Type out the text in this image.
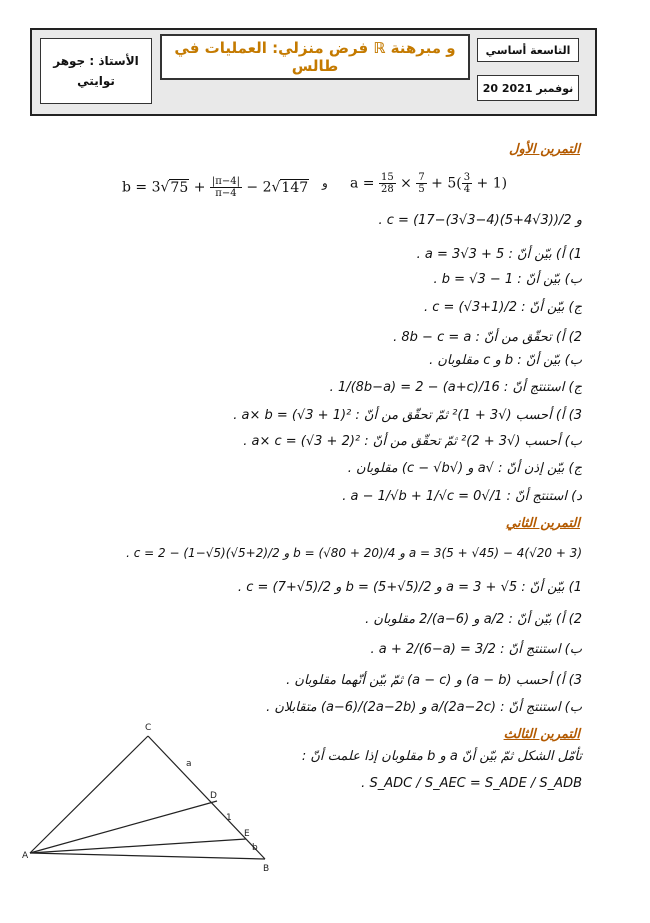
الأستاذ : جوهر
توايتي
فرض منزلي: العمليات في ℝ و مبرهنة طالس
التاسعة أساسي
20 نوفمبر 2021
التمرين الأول
$a = \frac{15}{28} \times \frac{7}{5} + 5( \frac{3}{4} + 1)$
$b = 3√75 + \frac{|\pi-4|}{\pi-4} - 2√147$ و
و c = (17−(3√3−4)(5+4√3))/2 .
1) أ) بيّن أنّ : a = 3√3 + 5 .
ب) بيّن أنّ : b = √3 − 1 .
ج) بيّن أنّ : c = (√3+1)/2 .
2) أ) تحقّق من أنّ : 8b − c = a .
ب) بيّن أنّ : b و c مقلوبان .
ج) استنتج أنّ : 16/(a+c) − 1/(8b−a) = 2 .
3) أ) أحسب (√3 + 1)² ثمّ تحقّق من أنّ : a× b = (√3 + 1)² .
ب) أحسب (√3 + 2)² ثمّ تحقّق من أنّ : a× c = (√3 + 2)² .
ج) بيّن إذن أنّ : √a و (√c − √b) مقلوبان .
د) استنتج أنّ : 1/√a − 1/√b + 1/√c = 0 .
التمرين الثاني
a = 3(5 + √45) − 4(√20 + 3) و b = (√80 + 20)/4 و c = 2 − (1−√5)(√5+2)/2 .
1) بيّن أنّ : a = 3 + √5 و b = (5+√5)/2 و c = (7+√5)/2 .
2) أ) بيّن أنّ : a/2 و (6−a)/2 مقلوبان .
ب) استنتج أنّ : 2/a + 2/(6−a) = 3 .
3) أ) أحسب (a − b) و (a − c) ثمّ بيّن أنّهما مقلوبان .
ب) استنتج أنّ : a/(2a−2c) و (2a−2b)/(a−6) متقابلان .
التمرين الثالث
تأمّل الشكل ثمّ بيّن أنّ a و b مقلوبان إذا علمت أنّ :
S_ADC / S_AEC = S_ADE / S_ADB .
A
B
C
D
E
a
1
b
